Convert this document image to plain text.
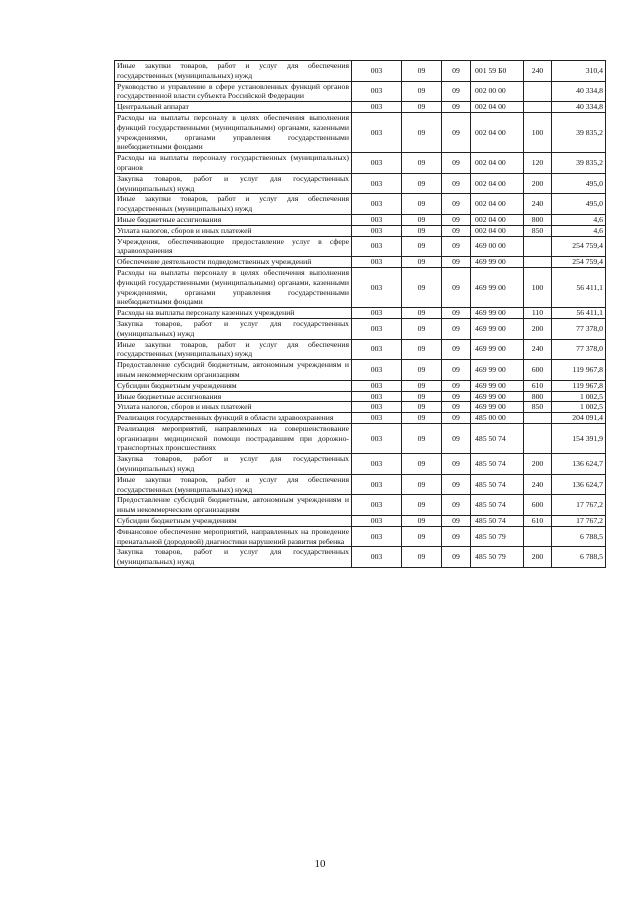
Иные закупки товаров, работ и услуг для обеспечения государственных (муниципальных) нужд	003	09	09	001 59 Б0	240	310,4
Руководство и управление в сфере установленных функций органов государственной власти субъекта Российской Федерации	003	09	09	002 00 00		40 334,8
Центральный аппарат	003	09	09	002 04 00		40 334,8
Расходы на выплаты персоналу в целях обеспечения выполнения функций государственными (муниципальными) органами, казенными учреждениями, органами управления государственными внебюджетными фондами	003	09	09	002 04 00	100	39 835,2
Расходы на выплаты персоналу государственных (муниципальных) органов	003	09	09	002 04 00	120	39 835,2
Закупка товаров, работ и услуг для государственных (муниципальных) нужд	003	09	09	002 04 00	200	495,0
Иные закупки товаров, работ и услуг для обеспечения государственных (муниципальных) нужд	003	09	09	002 04 00	240	495,0
Иные бюджетные ассигнования	003	09	09	002 04 00	800	4,6
Уплата налогов, сборов и иных платежей	003	09	09	002 04 00	850	4,6
Учреждения, обеспечивающие предоставление услуг в сфере здравоохранения	003	09	09	469 00 00		254 759,4
Обеспечение деятельности подведомственных учреждений	003	09	09	469 99 00		254 759,4
Расходы на выплаты персоналу в целях обеспечения выполнения функций государственными (муниципальными) органами, казенными учреждениями, органами управления государственными внебюджетными фондами	003	09	09	469 99 00	100	56 411,1
Расходы на выплаты персоналу казенных учреждений	003	09	09	469 99 00	110	56 411,1
Закупка товаров, работ и услуг для государственных (муниципальных) нужд	003	09	09	469 99 00	200	77 378,0
Иные закупки товаров, работ и услуг для обеспечения государственных (муниципальных) нужд	003	09	09	469 99 00	240	77 378,0
Предоставление субсидий бюджетным, автономным учреждениям и иным некоммерческим организациям	003	09	09	469 99 00	600	119 967,8
Субсидии бюджетным учреждениям	003	09	09	469 99 00	610	119 967,8
Иные бюджетные ассигнования	003	09	09	469 99 00	800	1 002,5
Уплата налогов, сборов и иных платежей	003	09	09	469 99 00	850	1 002,5
Реализация государственных функций в области здравоохранения	003	09	09	485 00 00		204 091,4
Реализация мероприятий, направленных на совершенствование организации медицинской помощи пострадавшим при дорожно-транспортных происшествиях	003	09	09	485 50 74		154 391,9
Закупка товаров, работ и услуг для государственных (муниципальных) нужд	003	09	09	485 50 74	200	136 624,7
Иные закупки товаров, работ и услуг для обеспечения государственных (муниципальных) нужд	003	09	09	485 50 74	240	136 624,7
Предоставление субсидий бюджетным, автономным учреждениям и иным некоммерческим организациям	003	09	09	485 50 74	600	17 767,2
Субсидии бюджетным учреждениям	003	09	09	485 50 74	610	17 767,2
Финансовое обеспечение мероприятий, направленных на проведение пренатальной (дородовой) диагностики нарушений развития ребенка	003	09	09	485 50 79		6 788,5
Закупка товаров, работ и услуг для государственных (муниципальных) нужд	003	09	09	485 50 79	200	6 788,5
10
